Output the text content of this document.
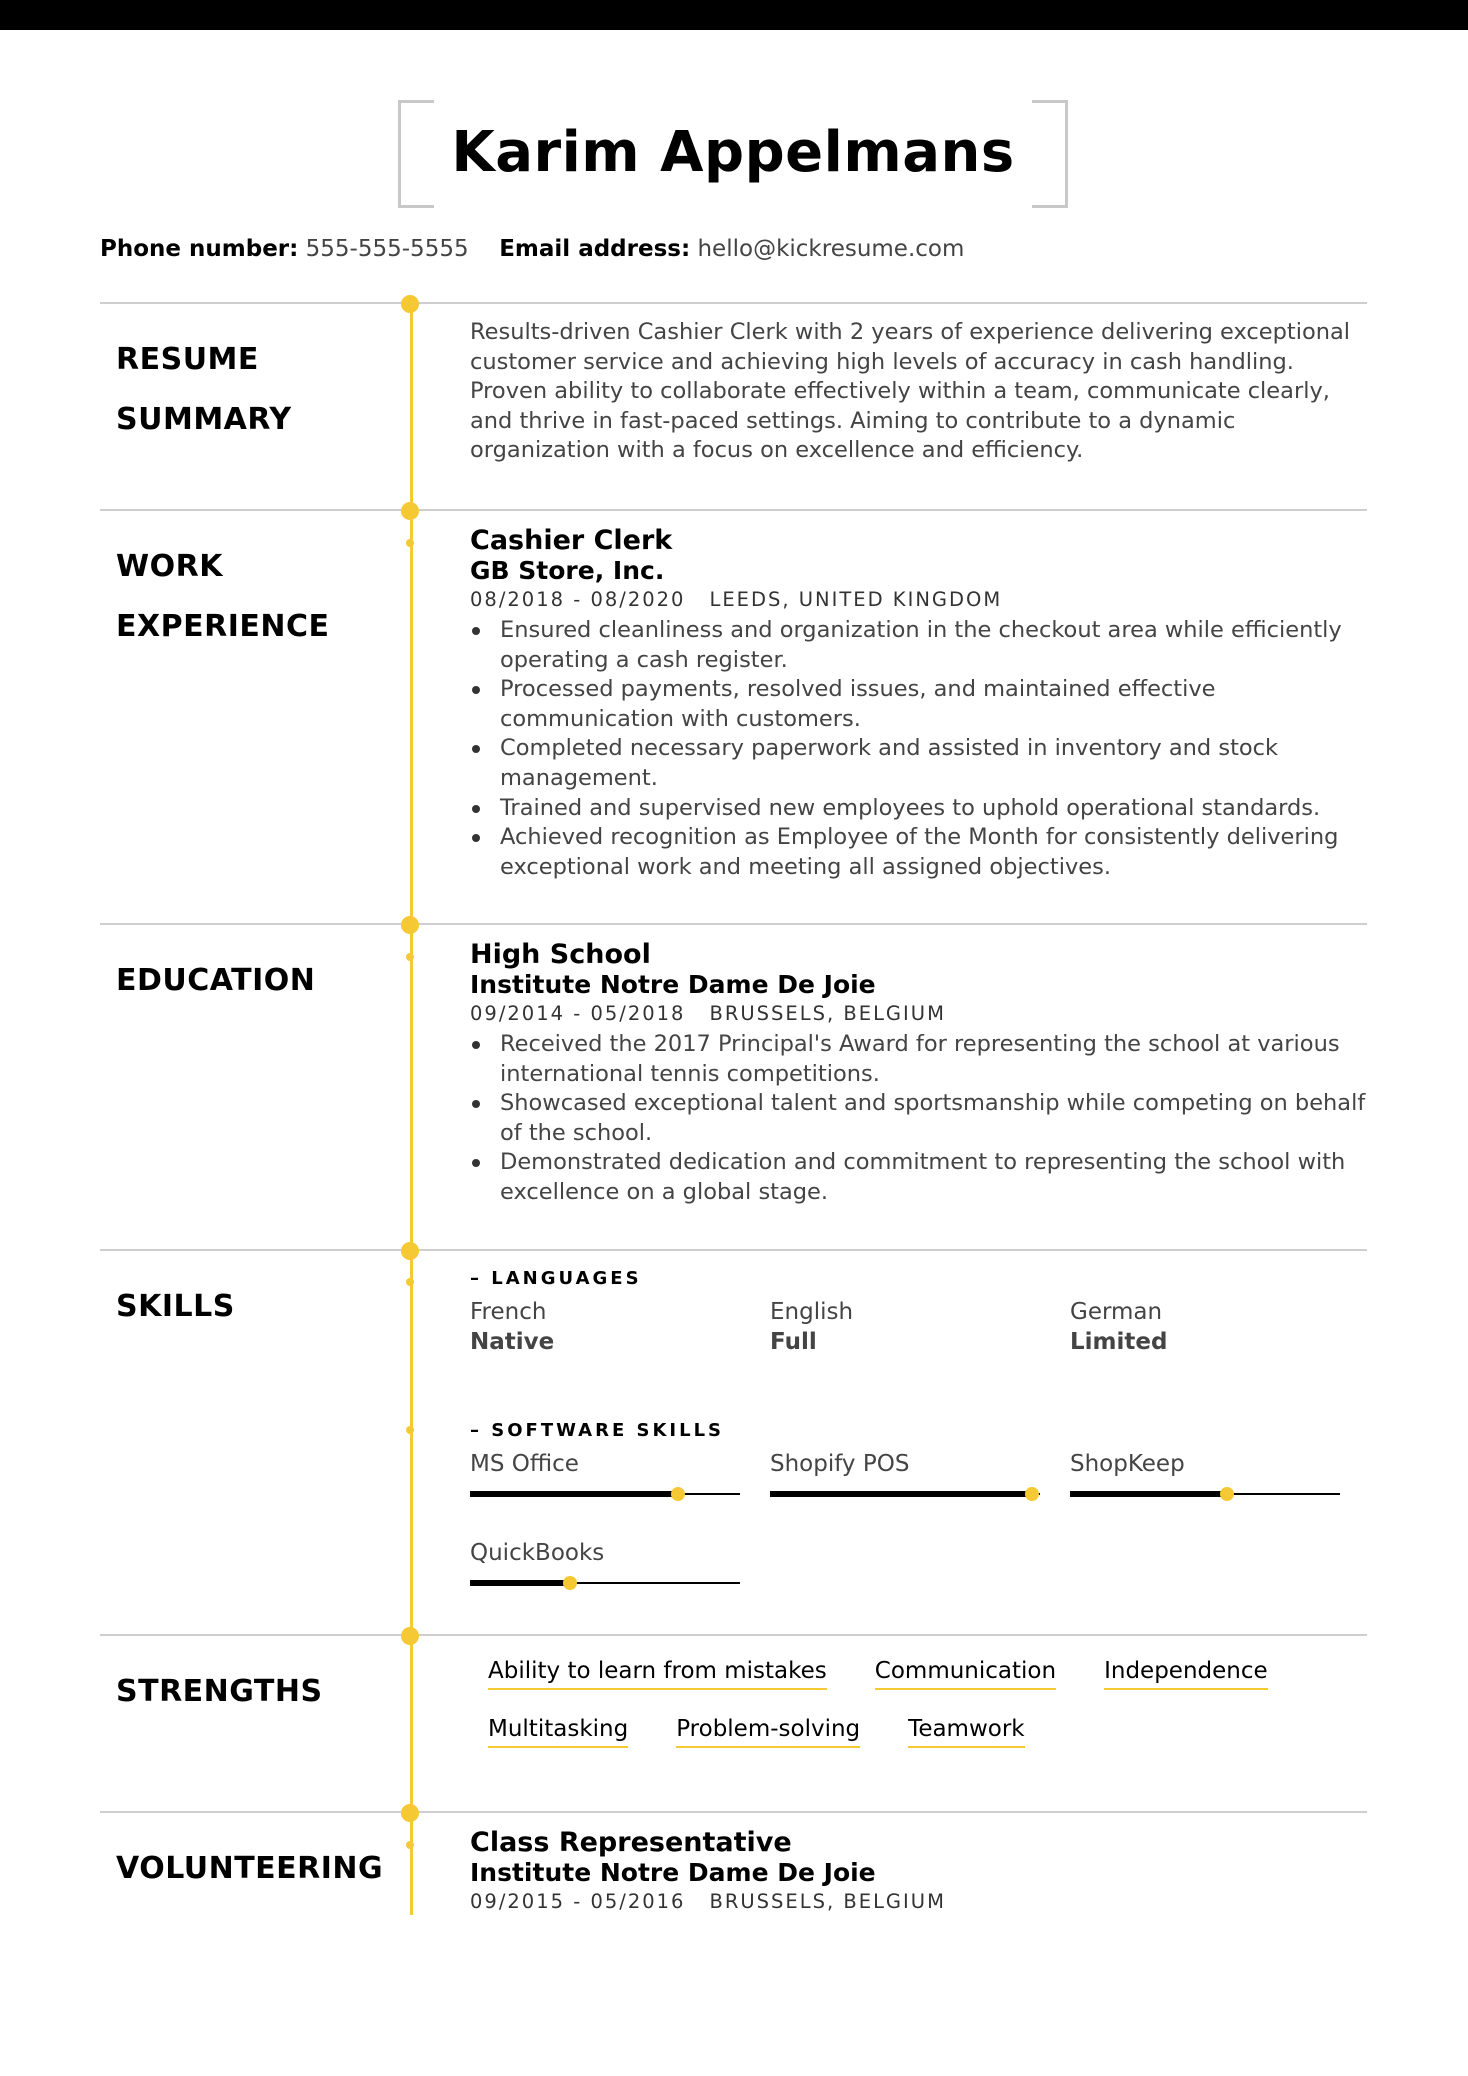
Karim Appelmans
Phone number: 555-555-5555 Email address: hello@kickresume.com
RESUME
SUMMARY

Results-driven Cashier Clerk with 2 years of experience delivering exceptional customer service and achieving high levels of accuracy in cash handling. Proven ability to collaborate effectively within a team, communicate clearly, and thrive in fast-paced settings. Aiming to contribute to a dynamic organization with a focus on excellence and efficiency.

WORK
EXPERIENCE
Cashier Clerk
GB Store, Inc.
08/2018 - 08/2020 LEEDS, UNITED KINGDOM
Ensured cleanliness and organization in the checkout area while efficiently operating a cash register.
Processed payments, resolved issues, and maintained effective communication with customers.
Completed necessary paperwork and assisted in inventory and stock management.
Trained and supervised new employees to uphold operational standards.
Achieved recognition as Employee of the Month for consistently delivering exceptional work and meeting all assigned objectives.
EDUCATION
High School
Institute Notre Dame De Joie
09/2014 - 05/2018 BRUSSELS, BELGIUM
Received the 2017 Principal's Award for representing the school at various international tennis competitions.
Showcased exceptional talent and sportsmanship while competing on behalf of the school.
Demonstrated dedication and commitment to representing the school with excellence on a global stage.
SKILLS
– LANGUAGES
French
Native
English
Full
German
Limited
– SOFTWARE SKILLS
MS Office	Shopify POS	ShopKeep
QuickBooks
STRENGTHS
Ability to learn from mistakes Communication Independence
Multitasking Problem-solving Teamwork
VOLUNTEERING
Class Representative
Institute Notre Dame De Joie
09/2015 - 05/2016 BRUSSELS, BELGIUM
